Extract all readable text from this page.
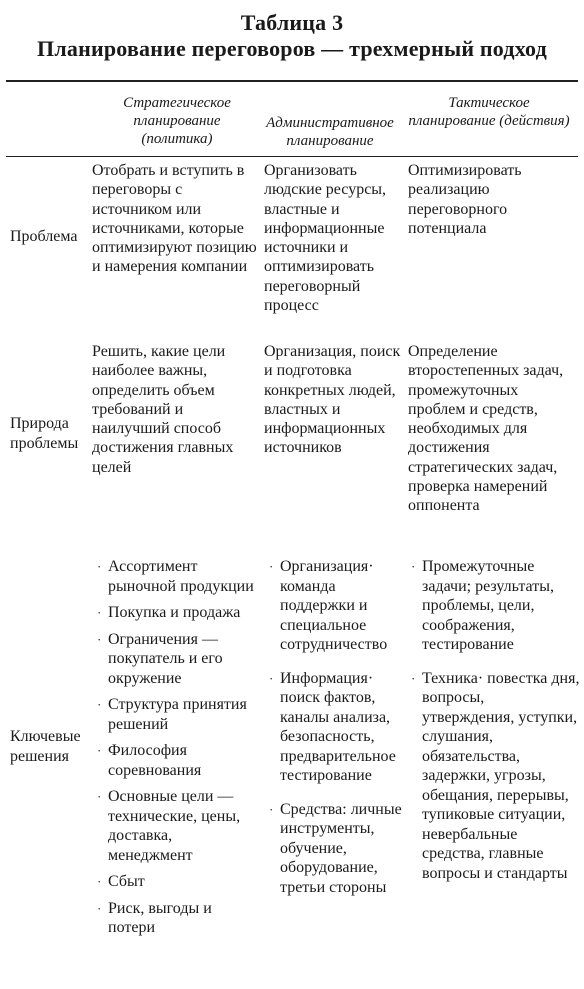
Таблица 3
Планирование переговоров — трехмерный подход
Стратегическое планирование (политика)
Административное планирование
Тактическое планирование (действия)
Проблема
Отобрать и вступить в переговоры с источником или источниками, которые оптимизируют позицию и намерения компании
Организовать людские ресурсы, властные и информационные источники и оптимизировать переговорный процесс
Оптимизировать реализацию переговорного потенциала
Природа проблемы
Решить, какие цели наиболее важны, определить объем требований и наилучший способ достижения главных целей
Организация, поиск и подготовка конкретных людей, властных и информационных источников
Определение второстепенных задач, промежуточных проблем и средств, необходимых для достижения стратегических задач, проверка намерений оппонента
Ключевые решения
· Ассортимент рыночной продукции
· Покупка и продажа
· Ограничения — покупатель и его окружение
· Структура принятия решений
· Философия соревнования
· Основные цели — технические, цены, доставка, менеджмент
· Сбыт
· Риск, выгоды и потери
· Организация· команда поддержки и специальное сотрудничество
· Информация· поиск фактов, каналы анализа, безопасность, предварительное тестирование
· Средства: личные инструменты, обучение, оборудование, третьи стороны
· Промежуточные задачи; результаты, проблемы, цели, соображения, тестирование
· Техника· повестка дня, вопросы, утверждения, уступки, слушания, обязательства, задержки, угрозы, обещания, перерывы, тупиковые ситуации, невербальные средства, главные вопросы и стандарты
